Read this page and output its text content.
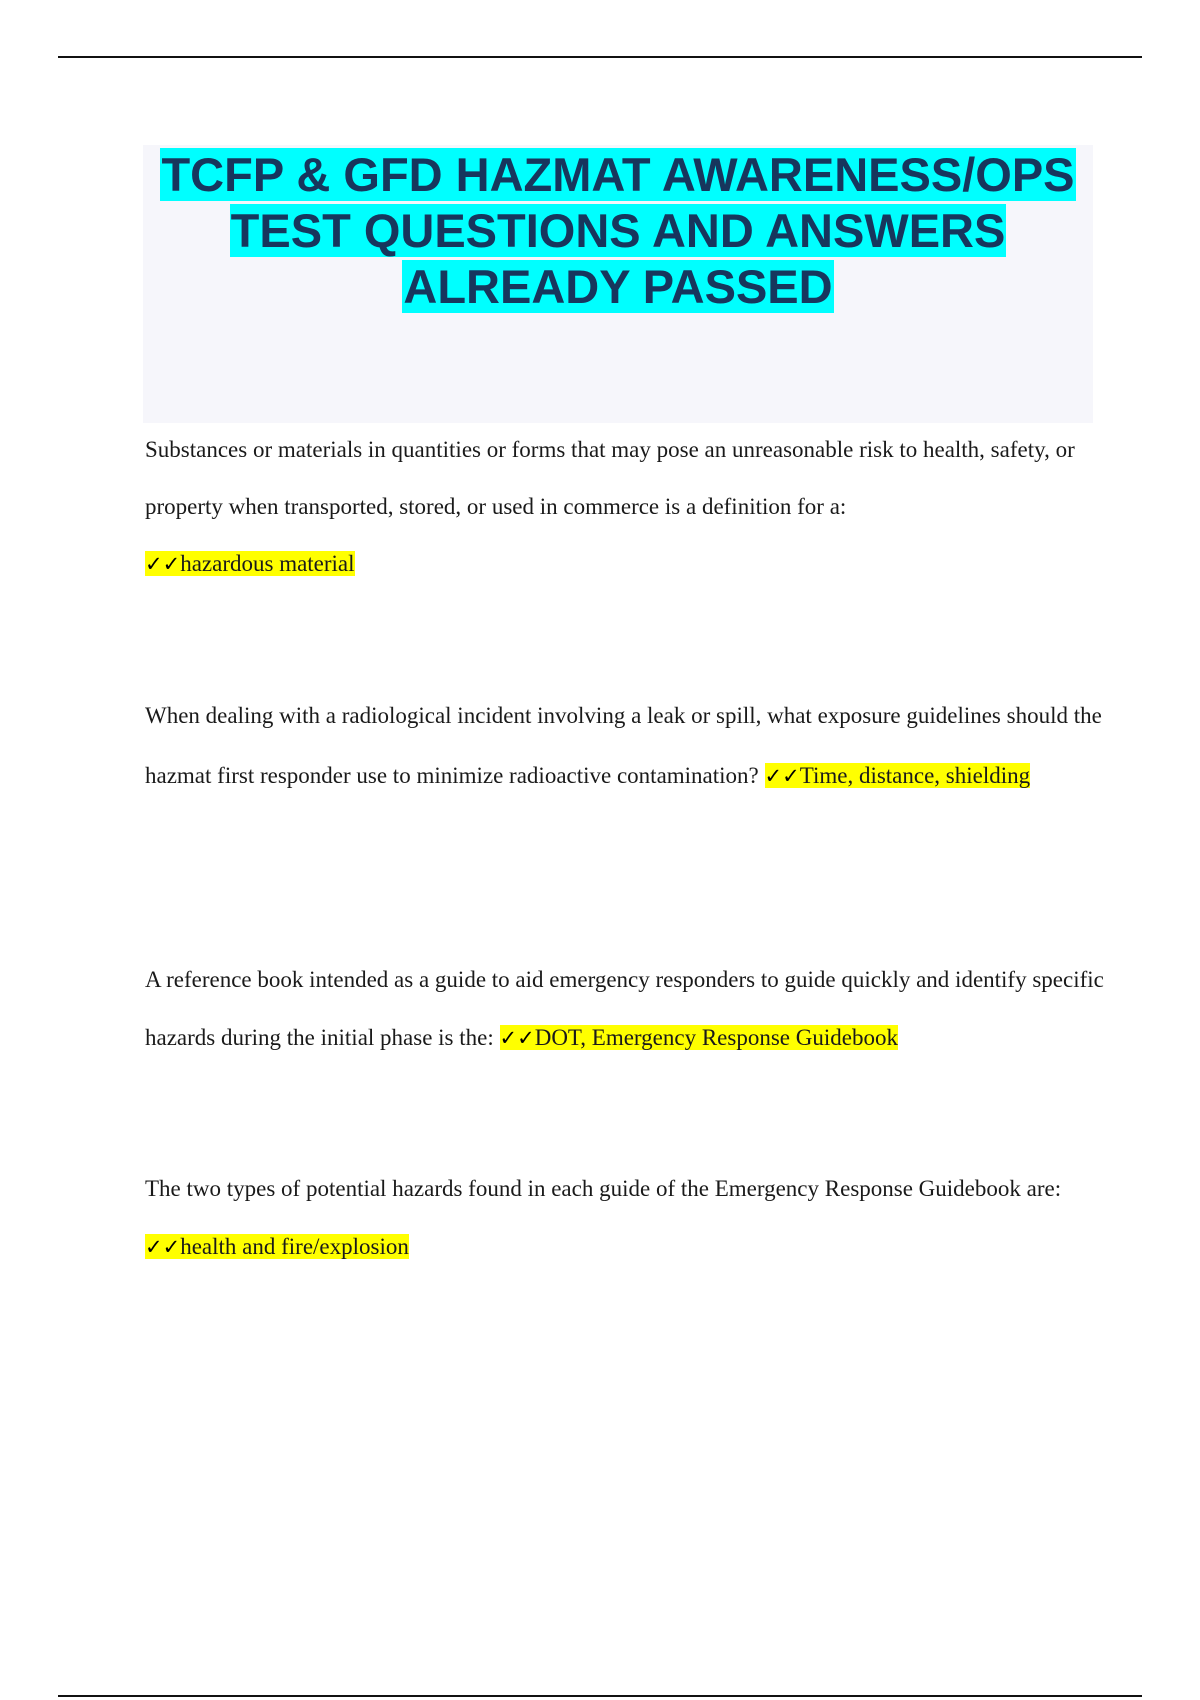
TCFP & GFD HAZMAT AWARENESS/OPS
TEST QUESTIONS AND ANSWERS
ALREADY PASSED

Substances or materials in quantities or forms that may pose an unreasonable risk to health, safety, or property when transported, stored, or used in commerce is a definition for a:
✓✓hazardous material

When dealing with a radiological incident involving a leak or spill, what exposure guidelines should the hazmat first responder use to minimize radioactive contamination? ✓✓Time, distance, shielding

A reference book intended as a guide to aid emergency responders to guide quickly and identify specific hazards during the initial phase is the: ✓✓DOT, Emergency Response Guidebook

The two types of potential hazards found in each guide of the Emergency Response Guidebook are: ✓✓health and fire/explosion
